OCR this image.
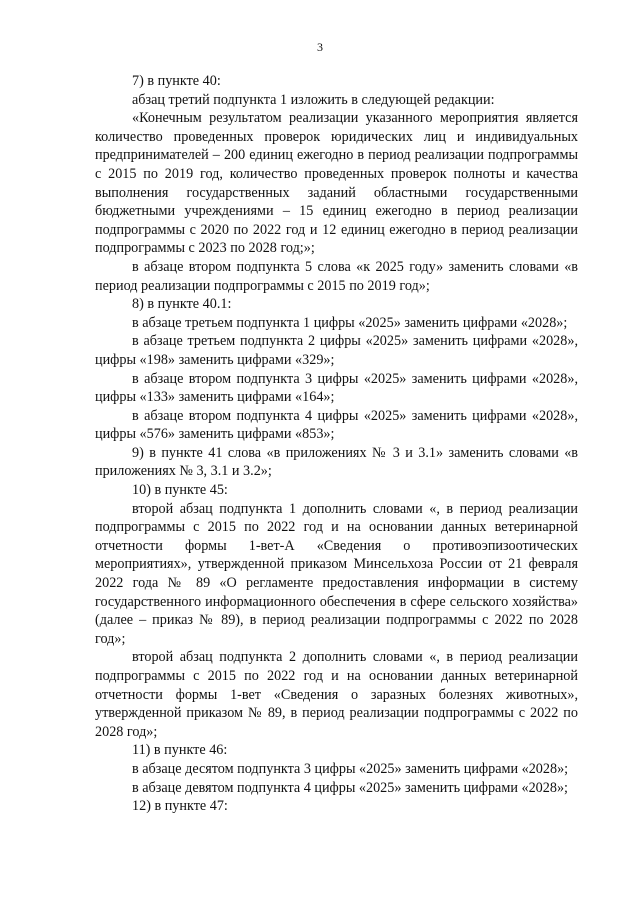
3

7) в пункте 40:

абзац третий подпункта 1 изложить в следующей редакции:

«Конечным результатом реализации указанного мероприятия является количество проведенных проверок юридических лиц и индивидуальных предпринимателей – 200 единиц ежегодно в период реализации подпрограммы с 2015 по 2019 год, количество проведенных проверок полноты и качества выполнения государственных заданий областными государственными бюджетными учреждениями – 15 единиц ежегодно в период реализации подпрограммы с 2020 по 2022 год и 12 единиц ежегодно в период реализации подпрограммы с 2023 по 2028 год;»;

в абзаце втором подпункта 5 слова «к 2025 году» заменить словами «в период реализации подпрограммы с 2015 по 2019 год»;

8) в пункте 40.1:

в абзаце третьем подпункта 1 цифры «2025» заменить цифрами «2028»;

в абзаце третьем подпункта 2 цифры «2025» заменить цифрами «2028», цифры «198» заменить цифрами «329»;

в абзаце втором подпункта 3 цифры «2025» заменить цифрами «2028», цифры «133» заменить цифрами «164»;

в абзаце втором подпункта 4 цифры «2025» заменить цифрами «2028», цифры «576» заменить цифрами «853»;

9) в пункте 41 слова «в приложениях № 3 и 3.1» заменить словами «в приложениях № 3, 3.1 и 3.2»;

10) в пункте 45:

второй абзац подпункта 1 дополнить словами «, в период реализации подпрограммы с 2015 по 2022 год и на основании данных ветеринарной отчетности формы 1-вет-А «Сведения о противоэпизоотических мероприятиях», утвержденной приказом Минсельхоза России от 21 февраля 2022 года № 89 «О регламенте предоставления информации в систему государственного информационного обеспечения в сфере сельского хозяйства» (далее – приказ № 89), в период реализации подпрограммы с 2022 по 2028 год»;

второй абзац подпункта 2 дополнить словами «, в период реализации подпрограммы с 2015 по 2022 год и на основании данных ветеринарной отчетности формы 1-вет «Сведения о заразных болезнях животных», утвержденной приказом № 89, в период реализации подпрограммы с 2022 по 2028 год»;

11) в пункте 46:

в абзаце десятом подпункта 3 цифры «2025» заменить цифрами «2028»;

в абзаце девятом подпункта 4 цифры «2025» заменить цифрами «2028»;

12) в пункте 47:
